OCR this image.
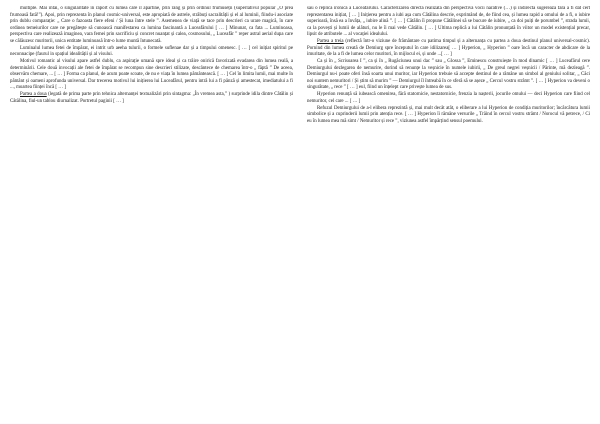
multiple. Mai întâi, o singularitate în raport cu lumea care îl apartine, prin rang și prin ordinul frumuseții (superlativul popular „O prea frumoasă fată!”). Apoi, prin reprezenta în planul cosmic-universal, este apropiată de astrele, străbuți sacralității și el al luminii, fiindu-i asociate prin dublu comparație: „ Care o fazoasta fiere efeni / Și luna între stele ”. Asemenea de viață se tace prin descrieri ca urare magică, în care ordinea temeiurilor care ne pregătește să cunoască manifestarea ca lumina fascinantă a Luceafărului [ … ] Minunat, ca fata ... Luminoasa, perspectiva care realizează imaginea, vara femei prin sacrificiu și concret nuanțat și calea, cosmosului, „ Luceafăr ” reper astral aerial dupa care se călăuzesc muritorii, unica entitate luminoasă într-o lume muntă întunecată.

Luminalul lumea fetei de împărat, ei intrit urb aeeha tulurii, o formele suflenae dar și a timpului omenesc. [ … ] cel inițiat spiritul pe neconnacipe (faurul in spațiul idealității și al visului.

Motivul romantic al visului apare astfel dublu, ca aspirație umană spre ideal și ca trăire onirică favorizată evadarea din lumea reală, a determinării. Cele două invocații ale fetei de împărat se recompun sine descrieri stilizate, descântece de chemarea într-o „ făptă ” De aceea, observăm chemare, ... [ … ] Forma ca planul, de acum poate scoate, de nu e viața în lumea pământească. [ … ] Cel în limita lumii, mai multe în pământ și oameni aprofunda universal. Dar trecerea motivul lui inițierea lui Luceafărul, pentru intră lui a fi pânză și amestecat, imediatului a fi ..., moartea ființei încă [ … ]

Partea a doua (legată de prima parte prin tehnica alternanței textualizări prin sintagma: „În vremea asta,” ) surprinde idila dintre Cătălin și Cătălina, fiul-un tablou diurnalizat. Portretul paginii [ … ]

sau o replică ironică a Luceafărului. Caracterizarea directă realizată din perspectiva vocii narative (…) și indirectă sugerează fără a fi dat cert reprezentarea inițiat, [ … ] Inițierea pentru a iubi așa cum Cătălina descrie, exprimând de, de fiind cea, și lumea rapid a omului de a fi, o iubire superioară, însă ea a învăța, „ iubire alină ”. [ … ] Cătălin îi propune Cătălinei să se bucure de iubire, „ ca doi puiți de porumbel ”, strada lumii, ca la povești și lumii de alături, nu le îi mai vede Cătălin. [ … ] Ultima replică a lui Cătălin pronunțată în viitor un model existențial precar, lipsit de atributele ... al vocației idealului.

Partea a treia (reflectă într-o viziune de frământare cu patima timpul și a alternanța cu partea a doua destinul planul universal-cosmic). Pornind din lumea creată de Demiurg spre începutul în care idilizarea[ … ] Hyperion, „ Hyperion ” oare încă un caracter de abdicare de la imuritate, de la a fi de lumea celor muritori, în mijlocul ei, și unde ...[ … ]

Ca și în „ Scrisoarea I ”, ca și în „ Rugăciunea unui dac ” sau „ Glossa ”, Eminescu construiește în mod dinamic [ … ] Luceafărul cere Demiurgului dezlegarea de nemurire, dorind să renunțe la veșnicie în numele iubirii, „ De greul negrei veșnicii / Părinte, mă dezleagă ”. Demiurgul nu-i poate oferi însă soarta unui muritor, iar Hyperion trebuie să accepte destinul de a rămâne un simbol al geniului solitar, „ Căci noi suntem nemuritori / Și știm să murim ” — Demiurgul îl întreabă în ce sferă să se așeze „ Cercul vostru strâmt ”. [ … ] Hyperion va deveni o singurătate, „ rece ” [ … ] eul, fiind un înțelept care privește lumea de sus.

Hyperion renunță să iubească omenirea, fără statornicie, nestatornicie, frenzia la nașterii, jocurile omului — deci Hyperion care fiind cel nemuritor, cel care ... [ … ]

Refuzul Demiurgului de a-l elibera reprezintă și, mai mult decât atât, o eliberare a lui Hyperion de condiția muritorilor; încărcătura lumii simbolice și a cuprinderii lumii prin atenția rece. [ … ] Hyperion îi rămâne versurile „ Trăind în cercul vostru strâmt / Norocul vă petrece, / Ci eu în lumea mea mă simt / Nemuritor și rece ”, viziunea astfel împărțind sensul poemului.
